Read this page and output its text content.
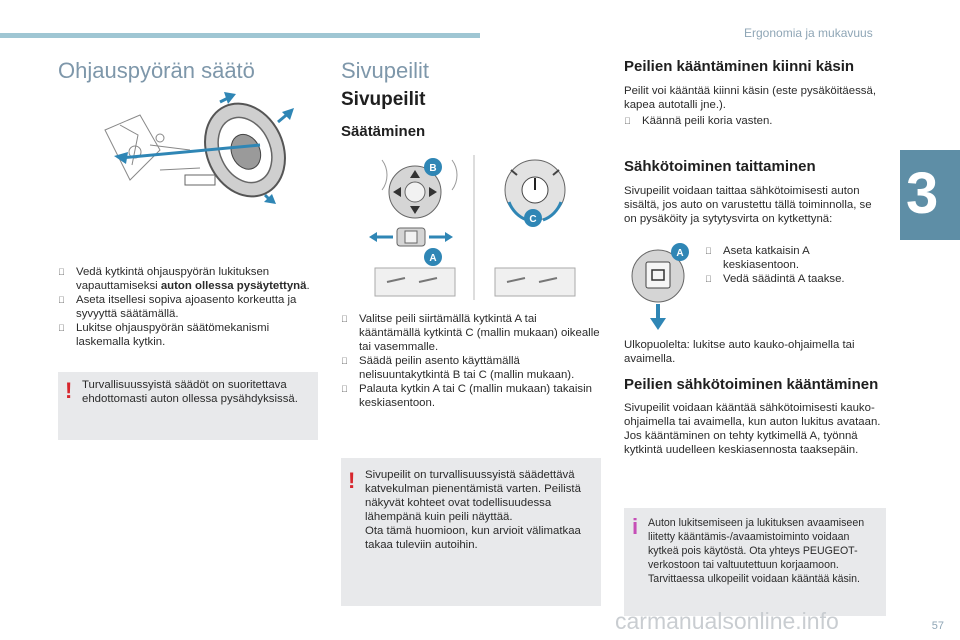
Ergonomia ja mukavuus
3
Ohjauspyörän säätö
Vedä kytkintä ohjauspyörän lukituksen vapauttamiseksi auton ollessa pysäytettynä.
Aseta itsellesi sopiva ajoasento korkeutta ja syvyyttä säätämällä.
Lukitse ohjauspyörän säätömekanismi laskemalla kytkin.
! Turvallisuussyistä säädöt on suoritettava ehdottomasti auton ollessa pysähdyksissä.

Sivupeilit
Sivupeilit
Säätäminen
B
A
C
Valitse peili siirtämällä kytkintä A tai kääntämällä kytkintä C (mallin mukaan) oikealle tai vasemmalle.
Säädä peilin asento käyttämällä nelisuuntakytkintä B tai C (mallin mukaan).
Palauta kytkin A tai C (mallin mukaan) takaisin keskiasentoon.
! Sivupeilit on turvallisuussyistä säädettävä katvekulman pienentämistä varten. Peilistä näkyvät kohteet ovat todellisuudessa lähempänä kuin peili näyttää.
Ota tämä huomioon, kun arvioit välimatkaa takaa tuleviin autoihin.

Peilien kääntäminen kiinni käsin

Peilit voi kääntää kiinni käsin (este pysäköitäessä, kapea autotalli jne.).

Käännä peili koria vasten.
Sähkötoiminen taittaminen

Sivupeilit voidaan taittaa sähkötoimisesti auton sisältä, jos auto on varustettu tällä toiminnolla, se on pysäköity ja sytytysvirta on kytkettynä:

A	Aseta katkaisin A keskiasentoon.
Vedä säädintä A taakse.

Ulkopuolelta: lukitse auto kauko-ohjaimella tai avaimella.

Peilien sähkötoiminen kääntäminen

Sivupeilit voidaan kääntää sähkötoimisesti kauko-ohjaimella tai avaimella, kun auton lukitus avataan. Jos kääntäminen on tehty kytkimellä A, työnnä kytkintä uudelleen keskiasennosta taaksepäin.

i Auton lukitsemiseen ja lukituksen avaamiseen liitetty kääntämis-/avaamistoiminto voidaan kytkeä pois käytöstä. Ota yhteys PEUGEOT-verkostoon tai valtuutettuun korjaamoon. Tarvittaessa ulkopeilit voidaan kääntää käsin.

carmanualsonline.info	57
